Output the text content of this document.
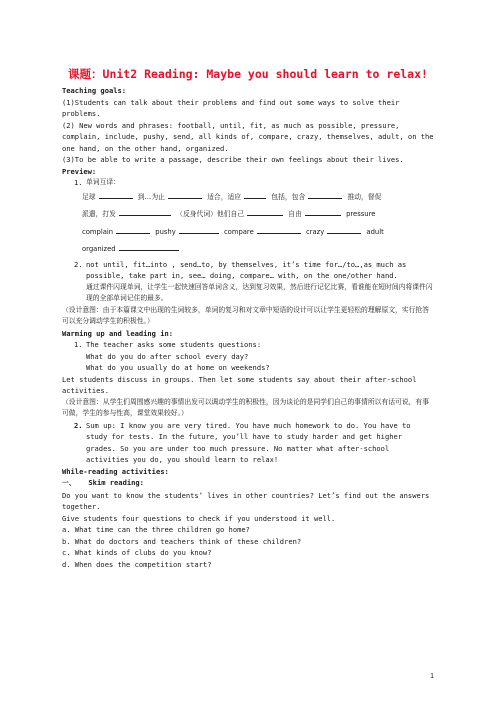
课题：Unit2 Reading: Maybe you should learn to relax!

Teaching goals:

(1)Students can talk about their problems and find out some ways to solve their problems.

(2) New words and phrases: football, until, fit, as much as possible, pressure, complain, include, pushy, send, all kinds of, compare, crazy, themselves, adult, on the one hand, on the other hand, organized.

(3)To be able to write a passage, describe their own feelings about their lives.

Preview:

1. 单词互译：
足球	到…为止	适合，适应	包括，包含	推动，督促
派遣，打发	（反身代词）他们自己	自由	pressure
complain	pushy	compare	crazy	adult
organized
2. not until, fit…into , send…to, by themselves, it’s time for…/to…,as much as possible, take part in, see… doing, compare… with, on the one/other hand.

通过课件闪现单词，让学生一起快速回答单词含义，达到复习效果，然后进行记忆比赛，看谁能在短时间内将课件闪现的全部单词记住的最多。

（设计意图：由于本篇课文中出现的生词较多，单词的复习和对文章中短语的设计可以让学生更轻松的理解原文，实行抢答可以充分调动学生的积极性。）

Warming up and leading in:

1. The teacher asks some students questions:

What do you do after school every day?

What do you usually do at home on weekends?

Let students discuss in groups. Then let some students say about their after-school activities.

（设计意图：从学生们周围感兴趣的事情出发可以调动学生的积极性，因为谈论的是同学们自己的事情所以有话可说，有事可做，学生的参与性高，课堂效果较好。）

2. Sum up: I know you are very tired. You have much homework to do. You have to study for tests. In the future, you’ll have to study harder and get higher grades. So you are under too much pressure. No matter what after-school activities you do, you should learn to relax!

While-reading activities:

一、 Skim reading:

Do you want to know the students’ lives in other countries? Let’s find out the answers together.

Give students four questions to check if you understood it well.

a. What time can the three children go home?

b. What do doctors and teachers think of these children?

c. What kinds of clubs do you know?

d. When does the competition start?

1
